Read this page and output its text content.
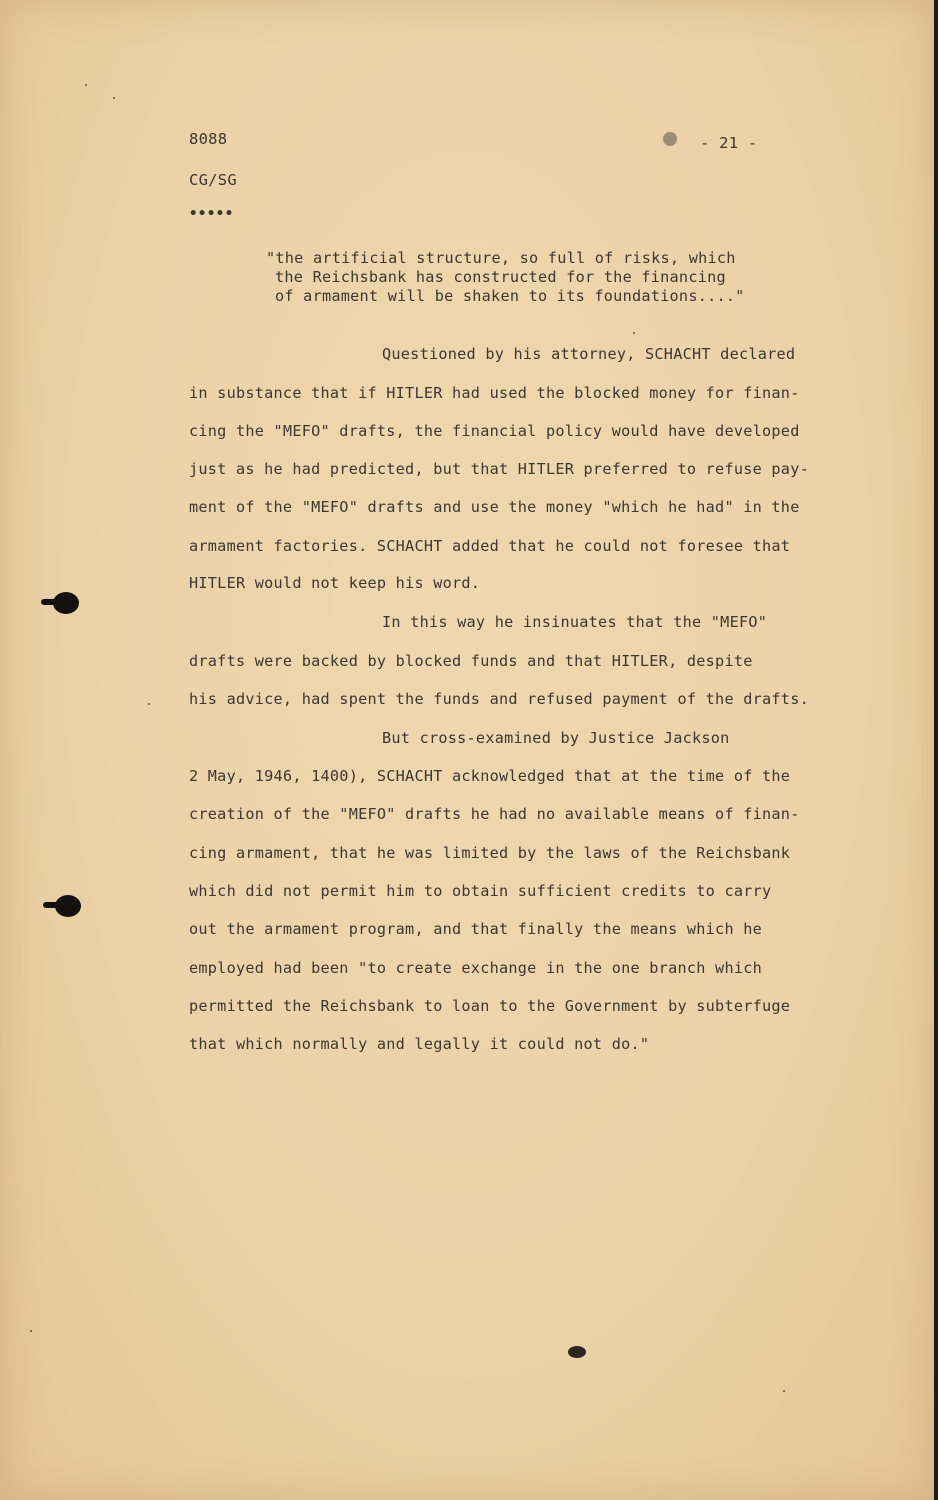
8088	- 21 -
CG/SG
•••••
"the artificial structure, so full of risks, which
the Reichsbank has constructed for the financing
of armament will be shaken to its foundations...."
Questioned by his attorney, SCHACHT declared
in substance that if HITLER had used the blocked money for finan-
cing the "MEFO" drafts, the financial policy would have developed
just as he had predicted, but that HITLER preferred to refuse pay-
ment of the "MEFO" drafts and use the money "which he had" in the
armament factories. SCHACHT added that he could not foresee that
HITLER would not keep his word.
In this way he insinuates that the "MEFO"
drafts were backed by blocked funds and that HITLER, despite
his advice, had spent the funds and refused payment of the drafts.
But cross-examined by Justice Jackson
2 May, 1946, 1400), SCHACHT acknowledged that at the time of the
creation of the "MEFO" drafts he had no available means of finan-
cing armament, that he was limited by the laws of the Reichsbank
which did not permit him to obtain sufficient credits to carry
out the armament program, and that finally the means which he
employed had been "to create exchange in the one branch which
permitted the Reichsbank to loan to the Government by subterfuge
that which normally and legally it could not do."
